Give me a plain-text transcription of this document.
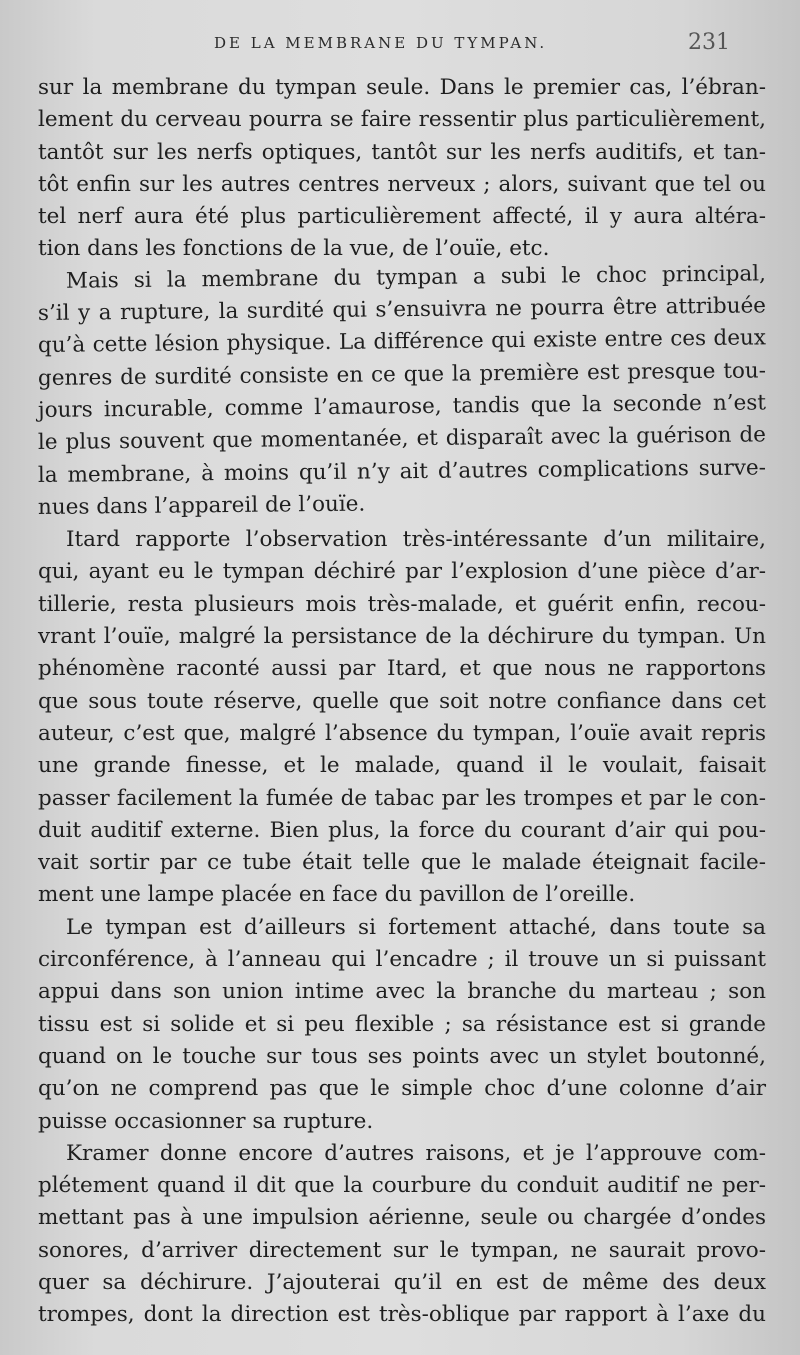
DE LA MEMBRANE DU TYMPAN.	231
sur la membrane du tympan seule. Dans le premier cas, l’ébran-
lement du cerveau pourra se faire ressentir plus particulièrement,
tantôt sur les nerfs optiques, tantôt sur les nerfs auditifs, et tan-
tôt enfin sur les autres centres nerveux ; alors, suivant que tel ou
tel nerf aura été plus particulièrement affecté, il y aura altéra-
tion dans les fonctions de la vue, de l’ouïe, etc.
Mais si la membrane du tympan a subi le choc principal,
s’il y a rupture, la surdité qui s’ensuivra ne pourra être attribuée
qu’à cette lésion physique. La différence qui existe entre ces deux
genres de surdité consiste en ce que la première est presque tou-
jours incurable, comme l’amaurose, tandis que la seconde n’est
le plus souvent que momentanée, et disparaît avec la guérison de
la membrane, à moins qu’il n’y ait d’autres complications surve-
nues dans l’appareil de l’ouïe.
Itard rapporte l’observation très-intéressante d’un militaire,
qui, ayant eu le tympan déchiré par l’explosion d’une pièce d’ar-
tillerie, resta plusieurs mois très-malade, et guérit enfin, recou-
vrant l’ouïe, malgré la persistance de la déchirure du tympan. Un
phénomène raconté aussi par Itard, et que nous ne rapportons
que sous toute réserve, quelle que soit notre confiance dans cet
auteur, c’est que, malgré l’absence du tympan, l’ouïe avait repris
une grande finesse, et le malade, quand il le voulait, faisait
passer facilement la fumée de tabac par les trompes et par le con-
duit auditif externe. Bien plus, la force du courant d’air qui pou-
vait sortir par ce tube était telle que le malade éteignait facile-
ment une lampe placée en face du pavillon de l’oreille.
Le tympan est d’ailleurs si fortement attaché, dans toute sa
circonférence, à l’anneau qui l’encadre ; il trouve un si puissant
appui dans son union intime avec la branche du marteau ; son
tissu est si solide et si peu flexible ; sa résistance est si grande
quand on le touche sur tous ses points avec un stylet boutonné,
qu’on ne comprend pas que le simple choc d’une colonne d’air
puisse occasionner sa rupture.
Kramer donne encore d’autres raisons, et je l’approuve com-
plétement quand il dit que la courbure du conduit auditif ne per-
mettant pas à une impulsion aérienne, seule ou chargée d’ondes
sonores, d’arriver directement sur le tympan, ne saurait provo-
quer sa déchirure. J’ajouterai qu’il en est de même des deux
trompes, dont la direction est très-oblique par rapport à l’axe du
